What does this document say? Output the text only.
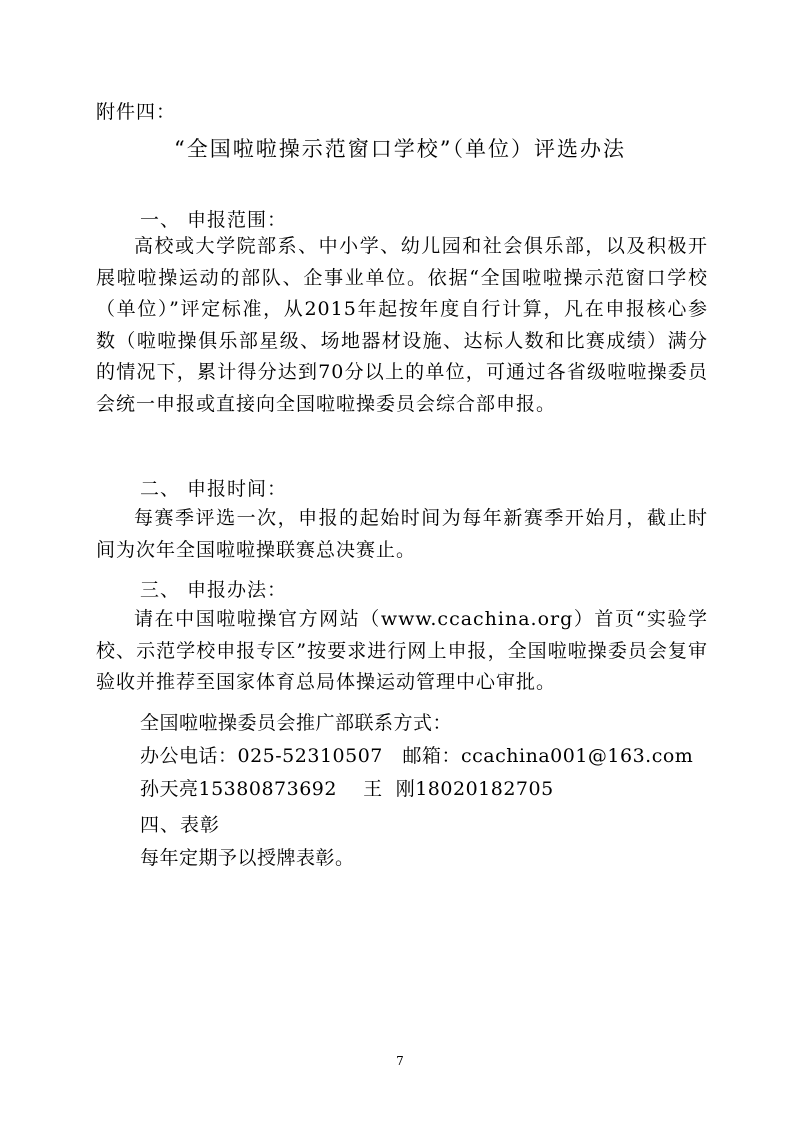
附件四：
“全国啦啦操示范窗口学校”（单位）评选办法
一、 申报范围：
高校或大学院部系、中小学、幼儿园和社会俱乐部，以及积极开展啦啦操运动的部队、企事业单位。依据“全国啦啦操示范窗口学校（单位）”评定标准，从2015年起按年度自行计算，凡在申报核心参数（啦啦操俱乐部星级、场地器材设施、达标人数和比赛成绩）满分的情况下，累计得分达到70分以上的单位，可通过各省级啦啦操委员会统一申报或直接向全国啦啦操委员会综合部申报。
二、 申报时间：
每赛季评选一次，申报的起始时间为每年新赛季开始月，截止时间为次年全国啦啦操联赛总决赛止。
三、 申报办法：
请在中国啦啦操官方网站（www.ccachina.org）首页“实验学校、示范学校申报专区”按要求进行网上申报，全国啦啦操委员会复审验收并推荐至国家体育总局体操运动管理中心审批。
全国啦啦操委员会推广部联系方式：
办公电话：025-52310507   邮箱：ccachina001@163.com
孙天亮15380873692    王  刚18020182705
四、表彰
每年定期予以授牌表彰。
7
